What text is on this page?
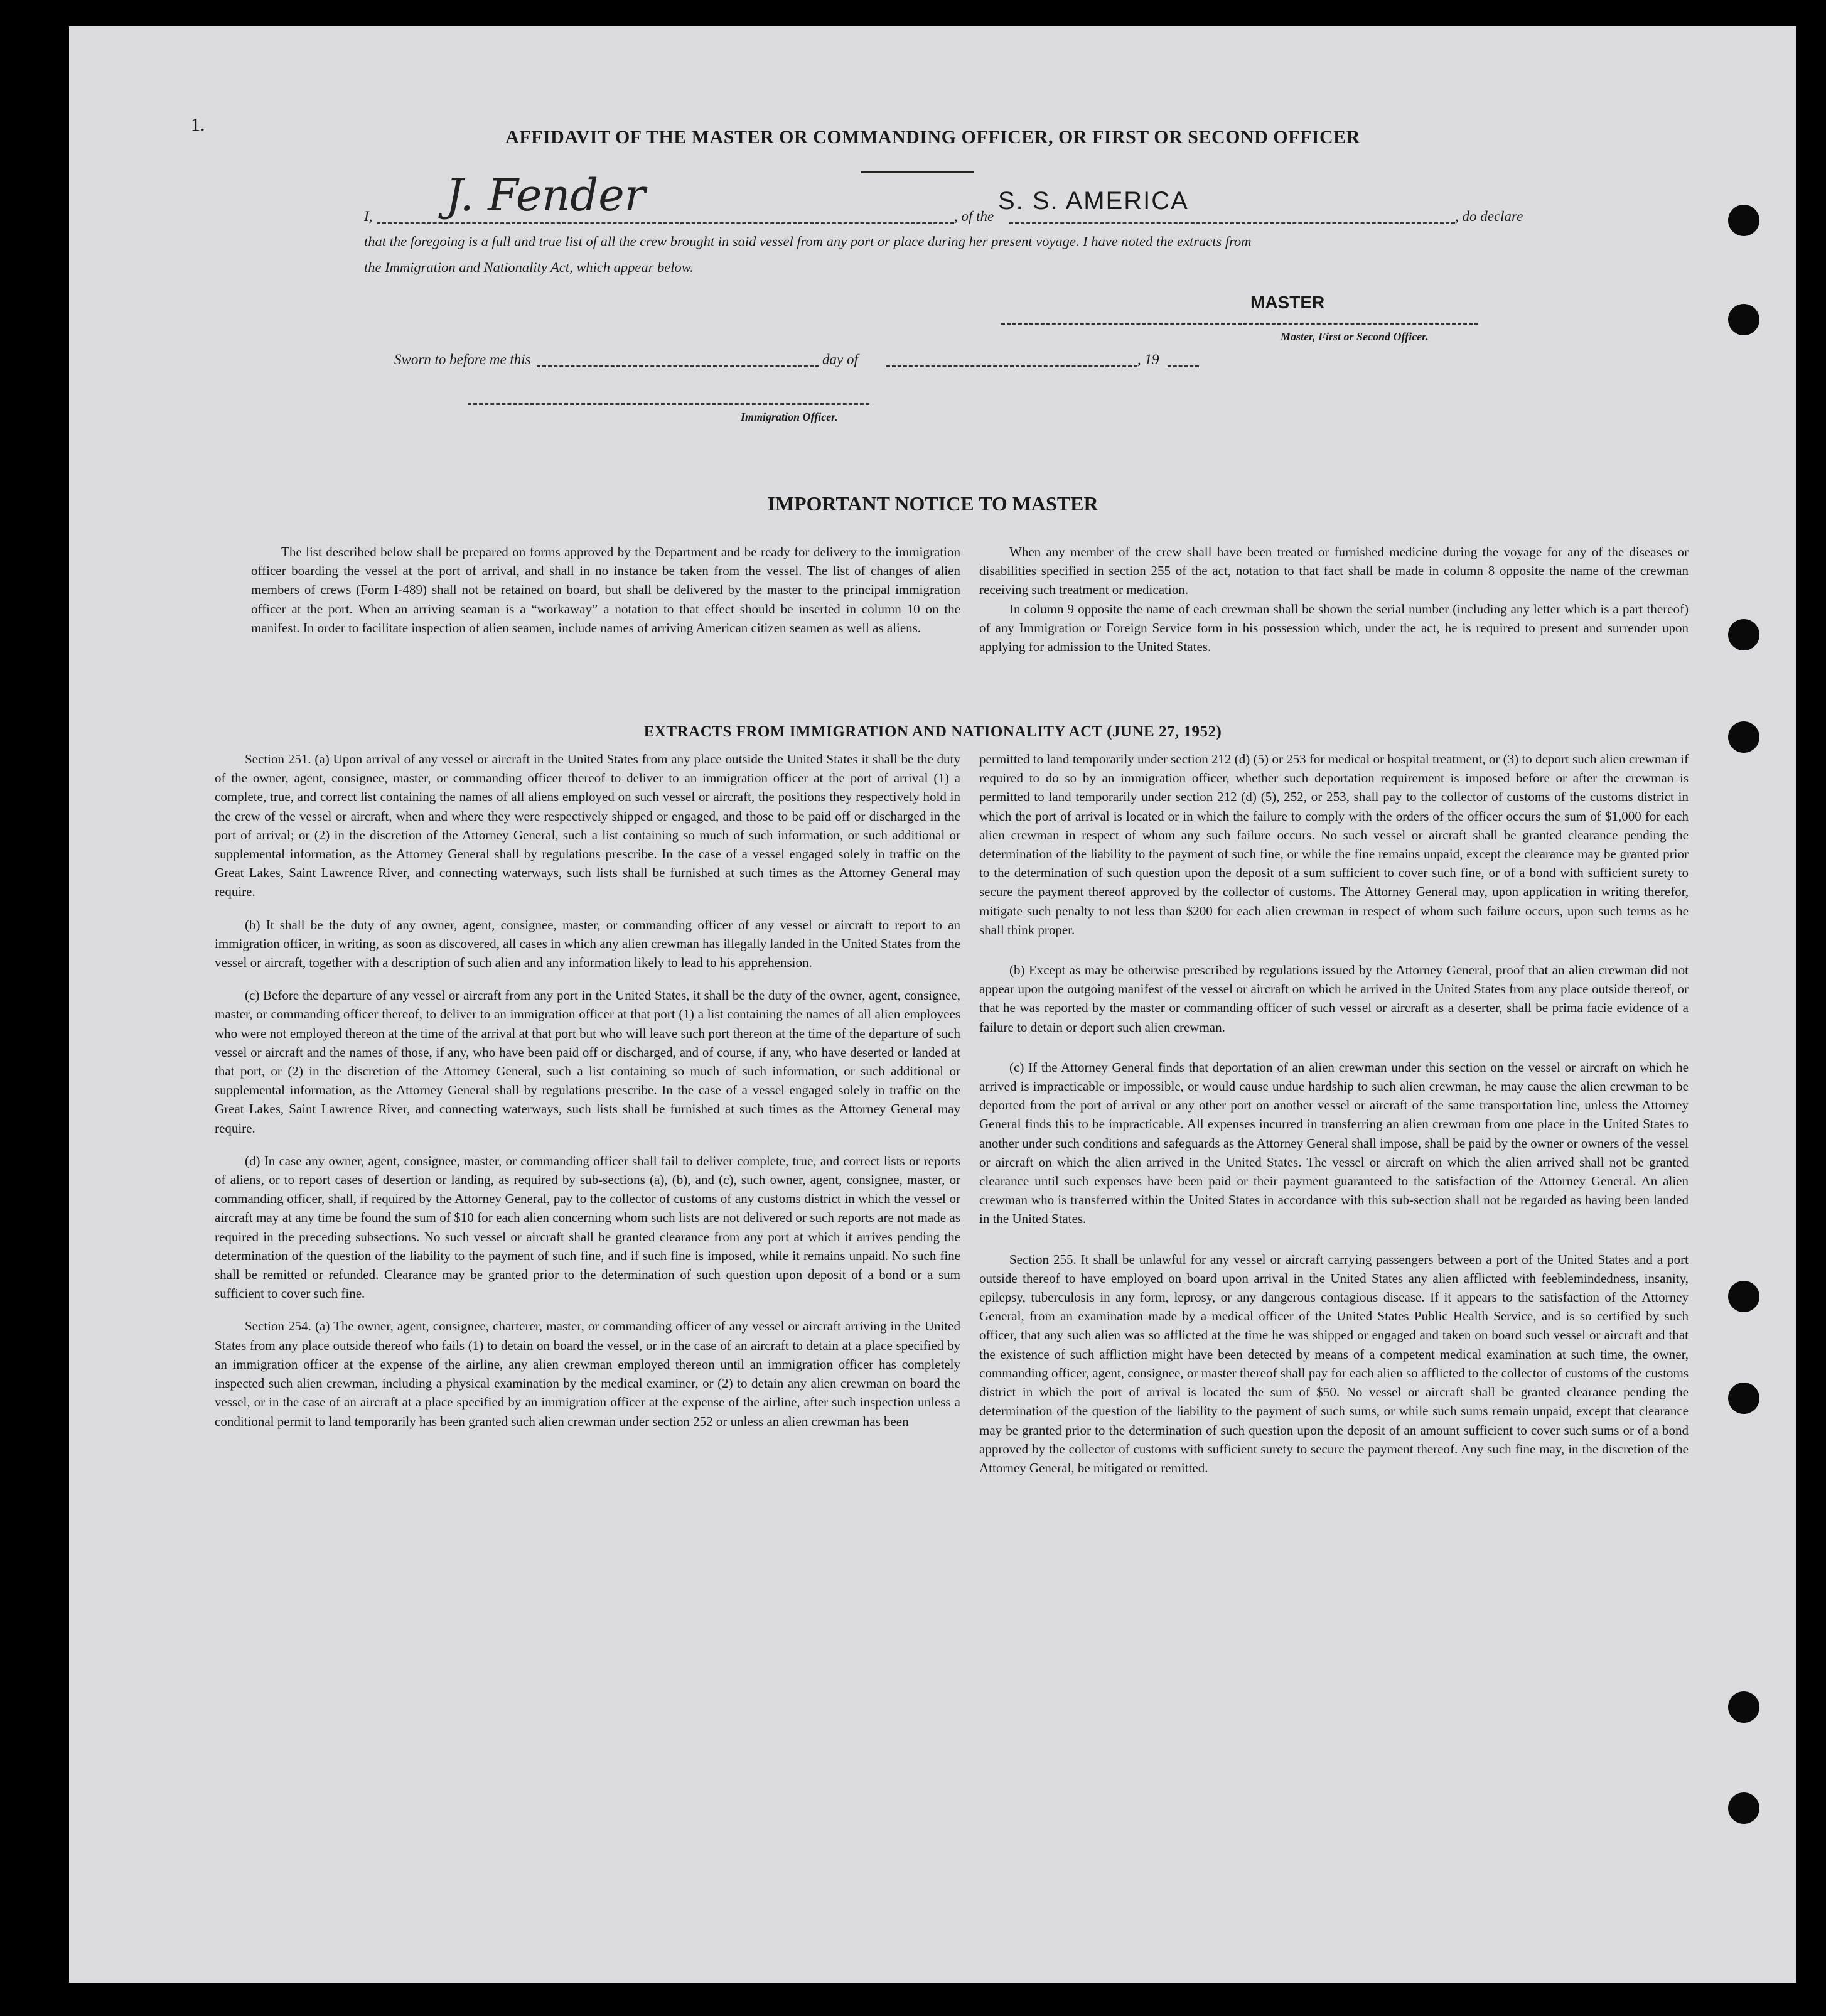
1.
AFFIDAVIT OF THE MASTER OR COMMANDING OFFICER, OR FIRST OR SECOND OFFICER
I, J. Fender	, of the
S. S. AMERICA
, do declare
that the foregoing is a full and true list of all the crew brought in said vessel from any port or place during her present voyage. I have noted the extracts from
the Immigration and Nationality Act, which appear below.
MASTER
Master, First or Second Officer.
Sworn to before me this	day of	, 19
Immigration Officer.
IMPORTANT NOTICE TO MASTER

The list described below shall be prepared on forms approved by the Department and be ready for delivery to the immigration officer boarding the vessel at the port of arrival, and shall in no instance be taken from the vessel. The list of changes of alien members of crews (Form I-489) shall not be retained on board, but shall be delivered by the master to the principal immigration officer at the port. When an arriving seaman is a “workaway” a notation to that effect should be inserted in column 10 on the manifest. In order to facilitate inspection of alien seamen, include names of arriving American citizen seamen as well as aliens.

When any member of the crew shall have been treated or furnished medicine during the voyage for any of the diseases or disabilities specified in section 255 of the act, notation to that fact shall be made in column 8 opposite the name of the crewman receiving such treatment or medication.

In column 9 opposite the name of each crewman shall be shown the serial number (including any letter which is a part thereof) of any Immigration or Foreign Service form in his possession which, under the act, he is required to present and surrender upon applying for admission to the United States.

EXTRACTS FROM IMMIGRATION AND NATIONALITY ACT (JUNE 27, 1952)

Section 251. (a) Upon arrival of any vessel or aircraft in the United States from any place outside the United States it shall be the duty of the owner, agent, consignee, master, or commanding officer thereof to deliver to an immigration officer at the port of arrival (1) a complete, true, and correct list containing the names of all aliens employed on such vessel or aircraft, the positions they respectively hold in the crew of the vessel or aircraft, when and where they were respectively shipped or engaged, and those to be paid off or discharged in the port of arrival; or (2) in the discretion of the Attorney General, such a list containing so much of such information, or such additional or supplemental information, as the Attorney General shall by regulations prescribe. In the case of a vessel engaged solely in traffic on the Great Lakes, Saint Lawrence River, and connecting waterways, such lists shall be furnished at such times as the Attorney General may require.

(b) It shall be the duty of any owner, agent, consignee, master, or commanding officer of any vessel or aircraft to report to an immigration officer, in writing, as soon as discovered, all cases in which any alien crewman has illegally landed in the United States from the vessel or aircraft, together with a description of such alien and any information likely to lead to his apprehension.

(c) Before the departure of any vessel or aircraft from any port in the United States, it shall be the duty of the owner, agent, consignee, master, or commanding officer thereof, to deliver to an immigration officer at that port (1) a list containing the names of all alien employees who were not employed thereon at the time of the arrival at that port but who will leave such port thereon at the time of the departure of such vessel or aircraft and the names of those, if any, who have been paid off or discharged, and of course, if any, who have deserted or landed at that port, or (2) in the discretion of the Attorney General, such a list containing so much of such information, or such additional or supplemental information, as the Attorney General shall by regulations prescribe. In the case of a vessel engaged solely in traffic on the Great Lakes, Saint Lawrence River, and connecting waterways, such lists shall be furnished at such times as the Attorney General may require.

(d) In case any owner, agent, consignee, master, or commanding officer shall fail to deliver complete, true, and correct lists or reports of aliens, or to report cases of desertion or landing, as required by sub-sections (a), (b), and (c), such owner, agent, consignee, master, or commanding officer, shall, if required by the Attorney General, pay to the collector of customs of any customs district in which the vessel or aircraft may at any time be found the sum of $10 for each alien concerning whom such lists are not delivered or such reports are not made as required in the preceding subsections. No such vessel or aircraft shall be granted clearance from any port at which it arrives pending the determination of the question of the liability to the payment of such fine, and if such fine is imposed, while it remains unpaid. No such fine shall be remitted or refunded. Clearance may be granted prior to the determination of such question upon deposit of a bond or a sum sufficient to cover such fine.

Section 254. (a) The owner, agent, consignee, charterer, master, or commanding officer of any vessel or aircraft arriving in the United States from any place outside thereof who fails (1) to detain on board the vessel, or in the case of an aircraft to detain at a place specified by an immigration officer at the expense of the airline, any alien crewman employed thereon until an immigration officer has completely inspected such alien crewman, including a physical examination by the medical examiner, or (2) to detain any alien crewman on board the vessel, or in the case of an aircraft at a place specified by an immigration officer at the expense of the airline, after such inspection unless a conditional permit to land temporarily has been granted such alien crewman under section 252 or unless an alien crewman has been

permitted to land temporarily under section 212 (d) (5) or 253 for medical or hospital treatment, or (3) to deport such alien crewman if required to do so by an immigration officer, whether such deportation requirement is imposed before or after the crewman is permitted to land temporarily under section 212 (d) (5), 252, or 253, shall pay to the collector of customs of the customs district in which the port of arrival is located or in which the failure to comply with the orders of the officer occurs the sum of $1,000 for each alien crewman in respect of whom any such failure occurs. No such vessel or aircraft shall be granted clearance pending the determination of the liability to the payment of such fine, or while the fine remains unpaid, except the clearance may be granted prior to the determination of such question upon the deposit of a sum sufficient to cover such fine, or of a bond with sufficient surety to secure the payment thereof approved by the collector of customs. The Attorney General may, upon application in writing therefor, mitigate such penalty to not less than $200 for each alien crewman in respect of whom such failure occurs, upon such terms as he shall think proper.

(b) Except as may be otherwise prescribed by regulations issued by the Attorney General, proof that an alien crewman did not appear upon the outgoing manifest of the vessel or aircraft on which he arrived in the United States from any place outside thereof, or that he was reported by the master or commanding officer of such vessel or aircraft as a deserter, shall be prima facie evidence of a failure to detain or deport such alien crewman.

(c) If the Attorney General finds that deportation of an alien crewman under this section on the vessel or aircraft on which he arrived is impracticable or impossible, or would cause undue hardship to such alien crewman, he may cause the alien crewman to be deported from the port of arrival or any other port on another vessel or aircraft of the same transportation line, unless the Attorney General finds this to be impracticable. All expenses incurred in transferring an alien crewman from one place in the United States to another under such conditions and safeguards as the Attorney General shall impose, shall be paid by the owner or owners of the vessel or aircraft on which the alien arrived in the United States. The vessel or aircraft on which the alien arrived shall not be granted clearance until such expenses have been paid or their payment guaranteed to the satisfaction of the Attorney General. An alien crewman who is transferred within the United States in accordance with this sub-section shall not be regarded as having been landed in the United States.

Section 255. It shall be unlawful for any vessel or aircraft carrying passengers between a port of the United States and a port outside thereof to have employed on board upon arrival in the United States any alien afflicted with feeblemindedness, insanity, epilepsy, tuberculosis in any form, leprosy, or any dangerous contagious disease. If it appears to the satisfaction of the Attorney General, from an examination made by a medical officer of the United States Public Health Service, and is so certified by such officer, that any such alien was so afflicted at the time he was shipped or engaged and taken on board such vessel or aircraft and that the existence of such affliction might have been detected by means of a competent medical examination at such time, the owner, commanding officer, agent, consignee, or master thereof shall pay for each alien so afflicted to the collector of customs of the customs district in which the port of arrival is located the sum of $50. No vessel or aircraft shall be granted clearance pending the determination of the question of the liability to the payment of such sums, or while such sums remain unpaid, except that clearance may be granted prior to the determination of such question upon the deposit of an amount sufficient to cover such sums or of a bond approved by the collector of customs with sufficient surety to secure the payment thereof. Any such fine may, in the discretion of the Attorney General, be mitigated or remitted.
